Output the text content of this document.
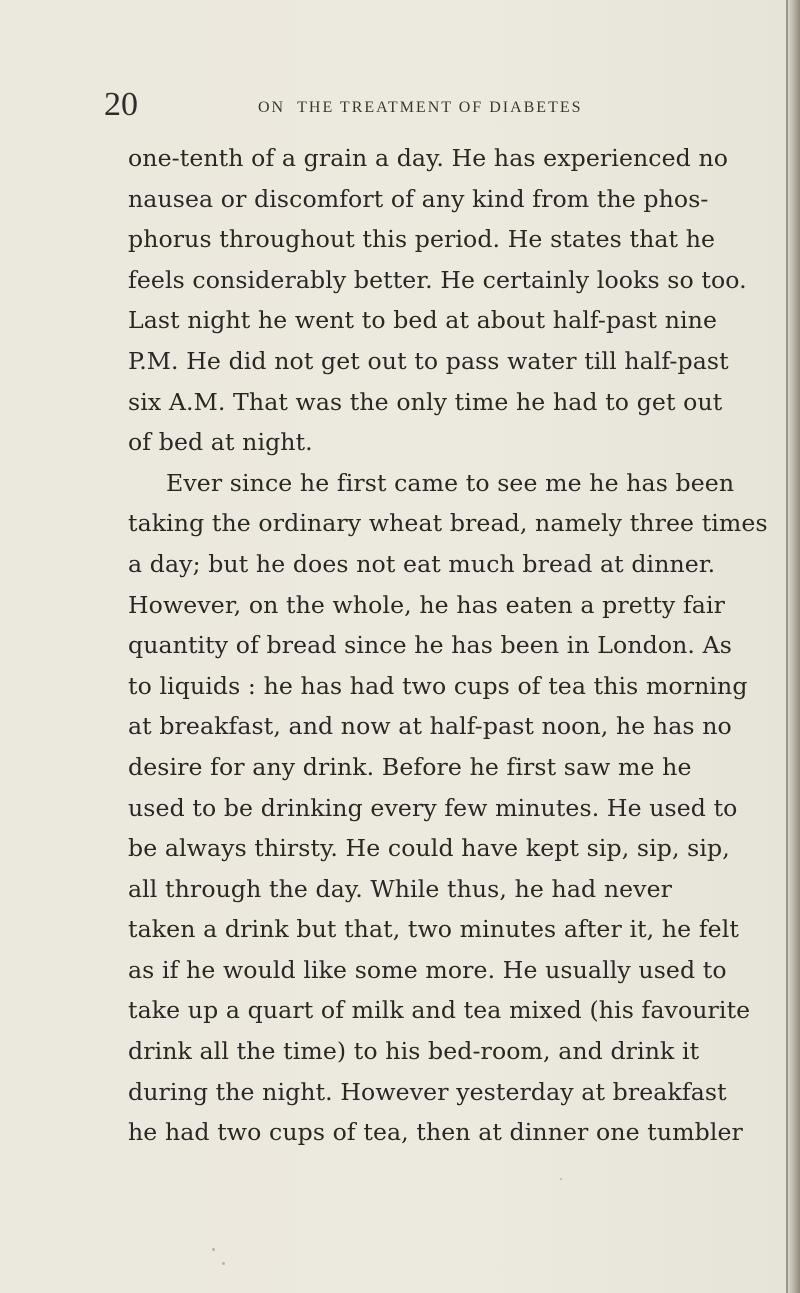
20	ON THE TREATMENT OF DIABETES
one-tenth of a grain a day. He has experienced no
nausea or discomfort of any kind from the phos-
phorus throughout this period. He states that he
feels considerably better. He certainly looks so too.
Last night he went to bed at about half-past nine
P.M. He did not get out to pass water till half-past
six A.M. That was the only time he had to get out
of bed at night.
Ever since he first came to see me he has been
taking the ordinary wheat bread, namely three times
a day; but he does not eat much bread at dinner.
However, on the whole, he has eaten a pretty fair
quantity of bread since he has been in London. As
to liquids : he has had two cups of tea this morning
at breakfast, and now at half-past noon, he has no
desire for any drink. Before he first saw me he
used to be drinking every few minutes. He used to
be always thirsty. He could have kept sip, sip, sip,
all through the day. While thus, he had never
taken a drink but that, two minutes after it, he felt
as if he would like some more. He usually used to
take up a quart of milk and tea mixed (his favourite
drink all the time) to his bed-room, and drink it
during the night. However yesterday at breakfast
he had two cups of tea, then at dinner one tumbler
